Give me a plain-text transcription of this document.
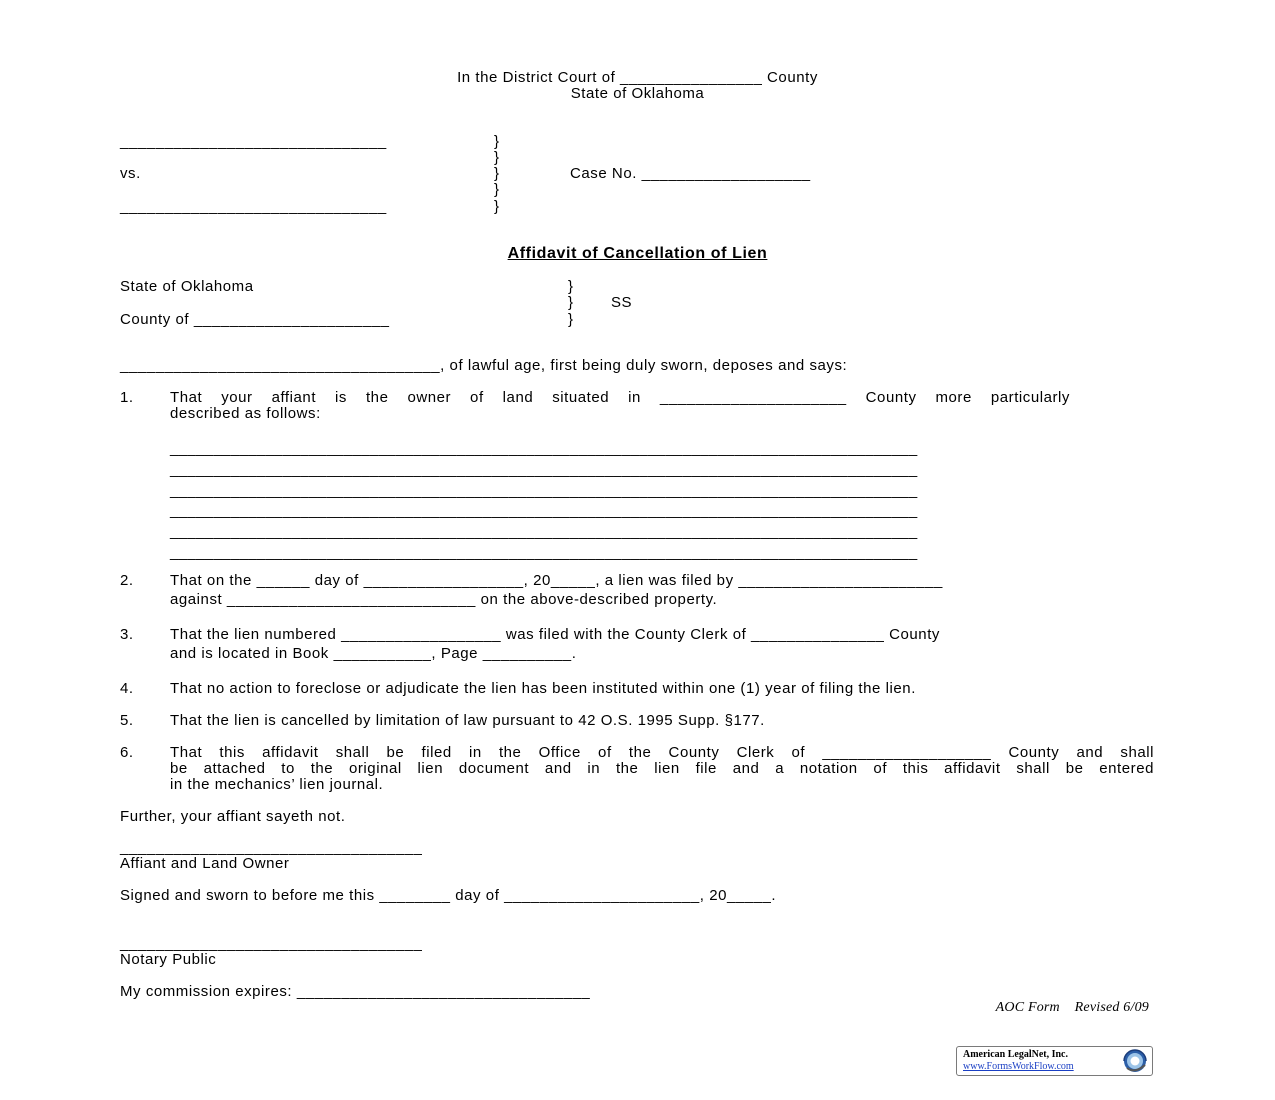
In the District Court of ________________ County
State of Oklahoma
______________________________
vs.
______________________________
}
}
}
}
}
Case No. ___________________
Affidavit of Cancellation of Lien
State of Oklahoma
County of ______________________
}
}
}
SS
____________________________________, of lawful age, first being duly sworn, deposes and says:
1. That your affiant is the owner of land situated in _____________________ County more particularly
described as follows:
______________________________________________________________________________________
______________________________________________________________________________________
______________________________________________________________________________________
______________________________________________________________________________________
______________________________________________________________________________________
______________________________________________________________________________________
2. That on the ______ day of __________________, 20_____, a lien was filed by _______________________
against ____________________________ on the above-described property.
3. That the lien numbered __________________ was filed with the County Clerk of _______________ County
and is located in Book ___________, Page __________.
4. That no action to foreclose or adjudicate the lien has been instituted within one (1) year of filing the lien.
5. That the lien is cancelled by limitation of law pursuant to 42 O.S. 1995 Supp. §177.
6. That this affidavit shall be filed in the Office of the County Clerk of ___________________ County and shall
be attached to the original lien document and in the lien file and a notation of this affidavit shall be entered
in the mechanics’ lien journal.
Further, your affiant sayeth not.
__________________________________
Affiant and Land Owner
Signed and sworn to before me this ________ day of ______________________, 20_____.
__________________________________
Notary Public
My commission expires: _________________________________
AOC Form    Revised 6/09
American LegalNet, Inc.
www.FormsWorkFlow.com
